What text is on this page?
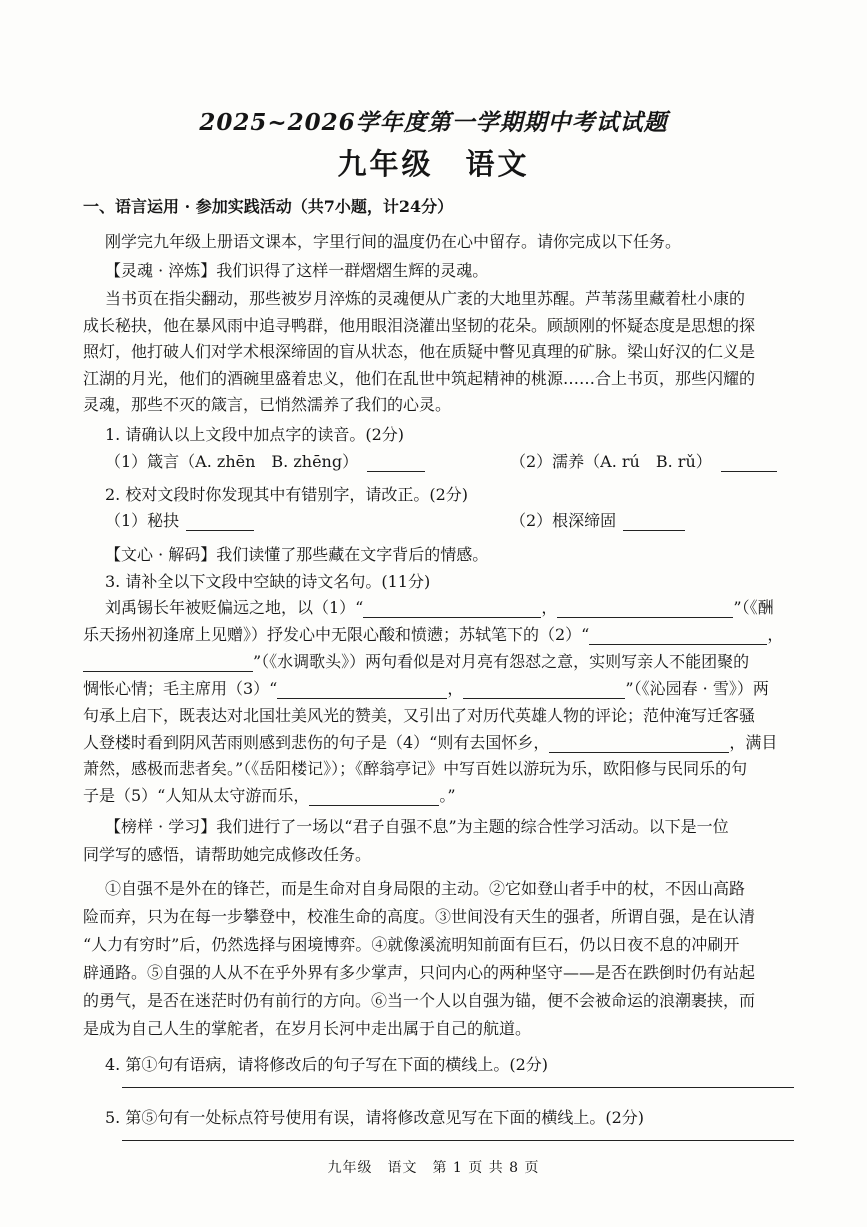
2025~2026学年度第一学期期中考试试题
九年级　语文
一、语言运用 · 参加实践活动（共7小题，计24分）
刚学完九年级上册语文课本，字里行间的温度仍在心中留存。请你完成以下任务。
【灵魂 · 淬炼】我们识得了这样一群熠熠生辉的灵魂。
当书页在指尖翻动，那些被岁月淬炼的灵魂便从广袤的大地里苏醒。芦苇荡里藏着杜小康的
成长秘抉，他在暴风雨中追寻鸭群，他用眼泪浇灌出坚韧的花朵。顾颉刚的怀疑态度是思想的探
照灯，他打破人们对学术根深缔固的盲从状态，他在质疑中瞥见真理的矿脉。梁山好汉的仁义是
江湖的月光，他们的酒碗里盛着忠义，他们在乱世中筑起精神的桃源……合上书页，那些闪耀的
灵魂，那些不灭的箴言，已悄然濡养了我们的心灵。
1. 请确认以上文段中加点字的读音。(2分)
（1）箴言（A. zhēn　B. zhēng）	（2）濡养（A. rú　B. rǔ）
2. 校对文段时你发现其中有错别字，请改正。(2分)
（1）秘抉	（2）根深缔固
【文心 · 解码】我们读懂了那些藏在文字背后的情感。
3. 请补全以下文段中空缺的诗文名句。(11分)
刘禹锡长年被贬偏远之地，以（1）“	，	”（《酬
乐天扬州初逢席上见赠》）抒发心中无限心酸和愤懑；苏轼笔下的（2）“	，
”（《水调歌头》）两句看似是对月亮有怨怼之意，实则写亲人不能团聚的
惆怅心情；毛主席用（3）“	，	”（《沁园春 · 雪》）两
句承上启下，既表达对北国壮美风光的赞美，又引出了对历代英雄人物的评论；范仲淹写迁客骚
人登楼时看到阴风苦雨则感到悲伤的句子是（4）“则有去国怀乡，	，满目
萧然，感极而悲者矣。”（《岳阳楼记》）；《醉翁亭记》中写百姓以游玩为乐，欧阳修与民同乐的句
子是（5）“人知从太守游而乐，	。”
【榜样 · 学习】我们进行了一场以“君子自强不息”为主题的综合性学习活动。以下是一位
同学写的感悟，请帮助她完成修改任务。
①自强不是外在的锋芒，而是生命对自身局限的主动。②它如登山者手中的杖，不因山高路
险而弃，只为在每一步攀登中，校准生命的高度。③世间没有天生的强者，所谓自强，是在认清
“人力有穷时”后，仍然选择与困境博弈。④就像溪流明知前面有巨石，仍以日夜不息的冲刷开
辟通路。⑤自强的人从不在乎外界有多少掌声，只问内心的两种坚守——是否在跌倒时仍有站起
的勇气，是否在迷茫时仍有前行的方向。⑥当一个人以自强为锚，便不会被命运的浪潮裹挟，而
是成为自己人生的掌舵者，在岁月长河中走出属于自己的航道。
4. 第①句有语病，请将修改后的句子写在下面的横线上。(2分)
5. 第⑤句有一处标点符号使用有误，请将修改意见写在下面的横线上。(2分)
九年级　语文　第 1 页 共 8 页
